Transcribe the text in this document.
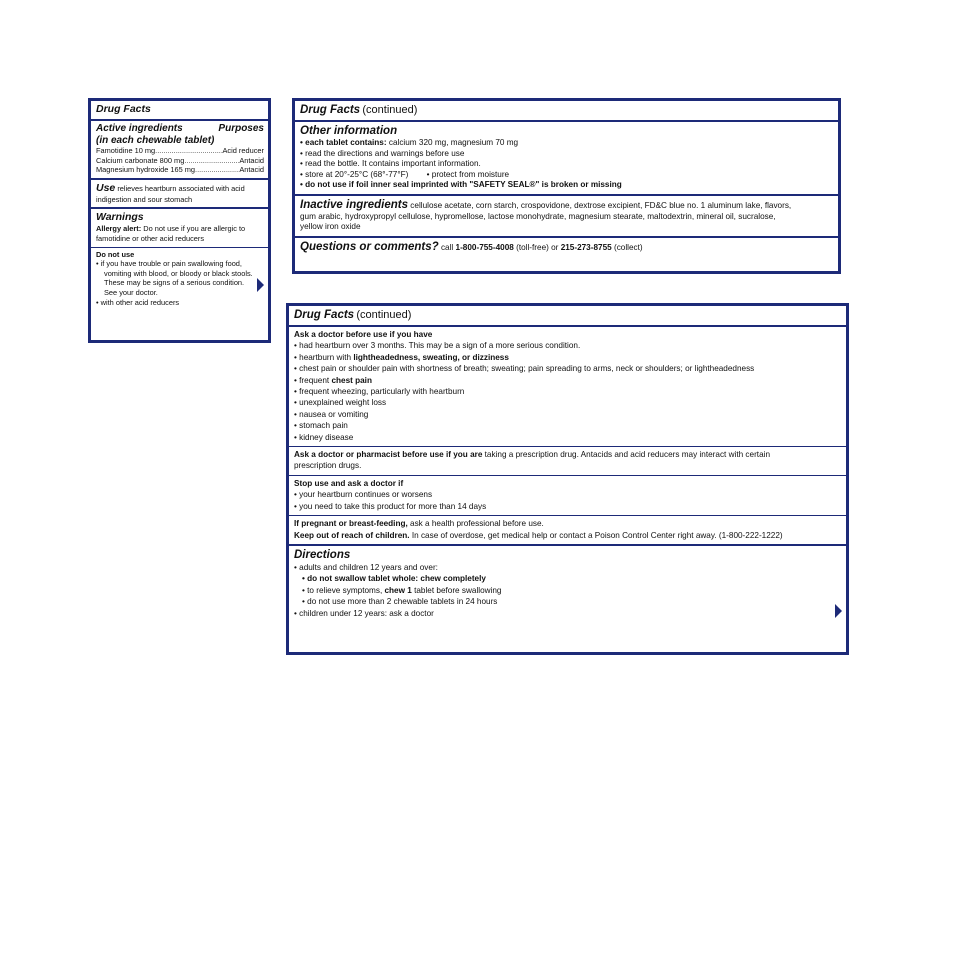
Drug Facts
Active ingredients	Purposes
(in each chewable tablet)
Famotidine 10 mg .....	Acid reducer
Calcium carbonate 800 mg .....	Antacid
Magnesium hydroxide 165 mg .....	Antacid
Use relieves heartburn associated with acid
indigestion and sour stomach
Warnings
Allergy alert: Do not use if you are allergic to
famotidine or other acid reducers
Do not use
• if you have trouble or pain swallowing food,
vomiting with blood, or bloody or black stools.
These may be signs of a serious condition.
See your doctor.
• with other acid reducers
Drug Facts (continued)
Other information
• each tablet contains: calcium 320 mg, magnesium 70 mg
• read the directions and warnings before use
• read the bottle. It contains important information.
• store at 20°-25°C (68°-77°F) • protect from moisture
• do not use if foil inner seal imprinted with "SAFETY SEAL®" is broken or missing
Inactive ingredients cellulose acetate, corn starch, crospovidone, dextrose excipient, FD&C blue no. 1 aluminum lake, flavors,
gum arabic, hydroxypropyl cellulose, hypromellose, lactose monohydrate, magnesium stearate, maltodextrin, mineral oil, sucralose,
yellow iron oxide
Questions or comments? call 1-800-755-4008 (toll-free) or 215-273-8755 (collect)
Drug Facts (continued)
Ask a doctor before use if you have
• had heartburn over 3 months. This may be a sign of a more serious condition.
• heartburn with lightheadedness, sweating, or dizziness
• chest pain or shoulder pain with shortness of breath; sweating; pain spreading to arms, neck or shoulders; or lightheadedness
• frequent chest pain
• frequent wheezing, particularly with heartburn
• unexplained weight loss
• nausea or vomiting
• stomach pain
• kidney disease
Ask a doctor or pharmacist before use if you are taking a prescription drug. Antacids and acid reducers may interact with certain
prescription drugs.
Stop use and ask a doctor if
• your heartburn continues or worsens
• you need to take this product for more than 14 days
If pregnant or breast-feeding, ask a health professional before use.
Keep out of reach of children. In case of overdose, get medical help or contact a Poison Control Center right away. (1-800-222-1222)
Directions
• adults and children 12 years and over:
• do not swallow tablet whole: chew completely
• to relieve symptoms, chew 1 tablet before swallowing
• do not use more than 2 chewable tablets in 24 hours
• children under 12 years: ask a doctor
